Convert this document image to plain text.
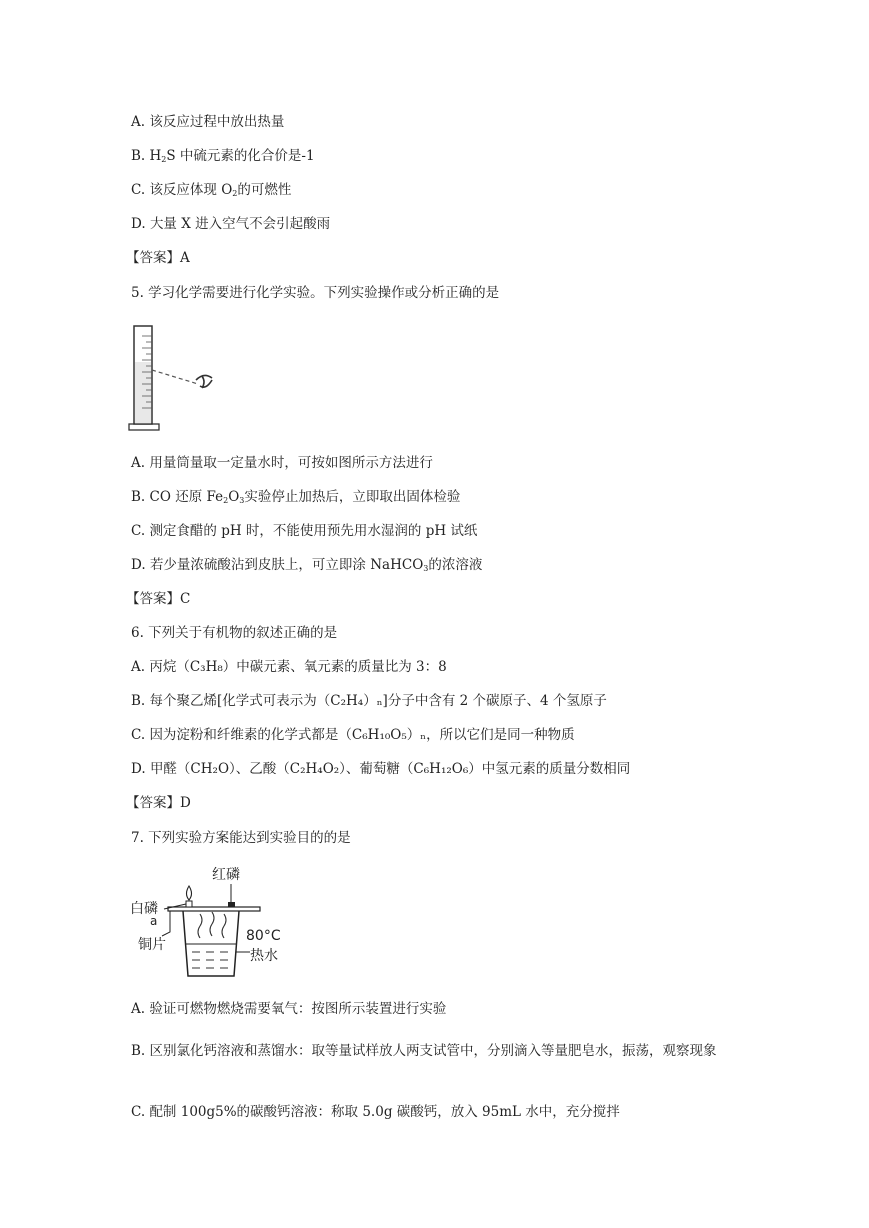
A. 该反应过程中放出热量
B. $H_2S$ 中硫元素的化合价是-1
C. 该反应体现 $O_2$的可燃性
D. 大量 X 进入空气不会引起酸雨
【答案】A
5. 学习化学需要进行化学实验。下列实验操作或分析正确的是
A. 用量筒量取一定量水时，可按如图所示方法进行
B. CO 还原 $Fe_2O_3$实验停止加热后，立即取出固体检验
C. 测定食醋的 pH 时，不能使用预先用水湿润的 pH 试纸
D. 若少量浓硫酸沾到皮肤上，可立即涂 NaHCO$_3$的浓溶液
【答案】C
6. 下列关于有机物的叙述正确的是
A. 丙烷（C₃H₈）中碳元素、氧元素的质量比为 3：8
B. 每个聚乙烯[化学式可表示为（C₂H₄）ₙ]分子中含有 2 个碳原子、4 个氢原子
C. 因为淀粉和纤维素的化学式都是（C₆H₁₀O₅）ₙ，所以它们是同一种物质
D. 甲醛（CH₂O）、乙酸（C₂H₄O₂）、葡萄糖（C₆H₁₂O₆）中氢元素的质量分数相同
【答案】D
7. 下列实验方案能达到实验目的的是
红磷
白磷
a
铜片
80°C
热水
A. 验证可燃物燃烧需要氧气：按图所示装置进行实验
B. 区别氯化钙溶液和蒸馏水：取等量试样放人两支试管中，分别滴入等量肥皂水，振荡，观察现象
C. 配制 100g5%的碳酸钙溶液：称取 5.0g 碳酸钙，放入 95mL 水中，充分搅拌
